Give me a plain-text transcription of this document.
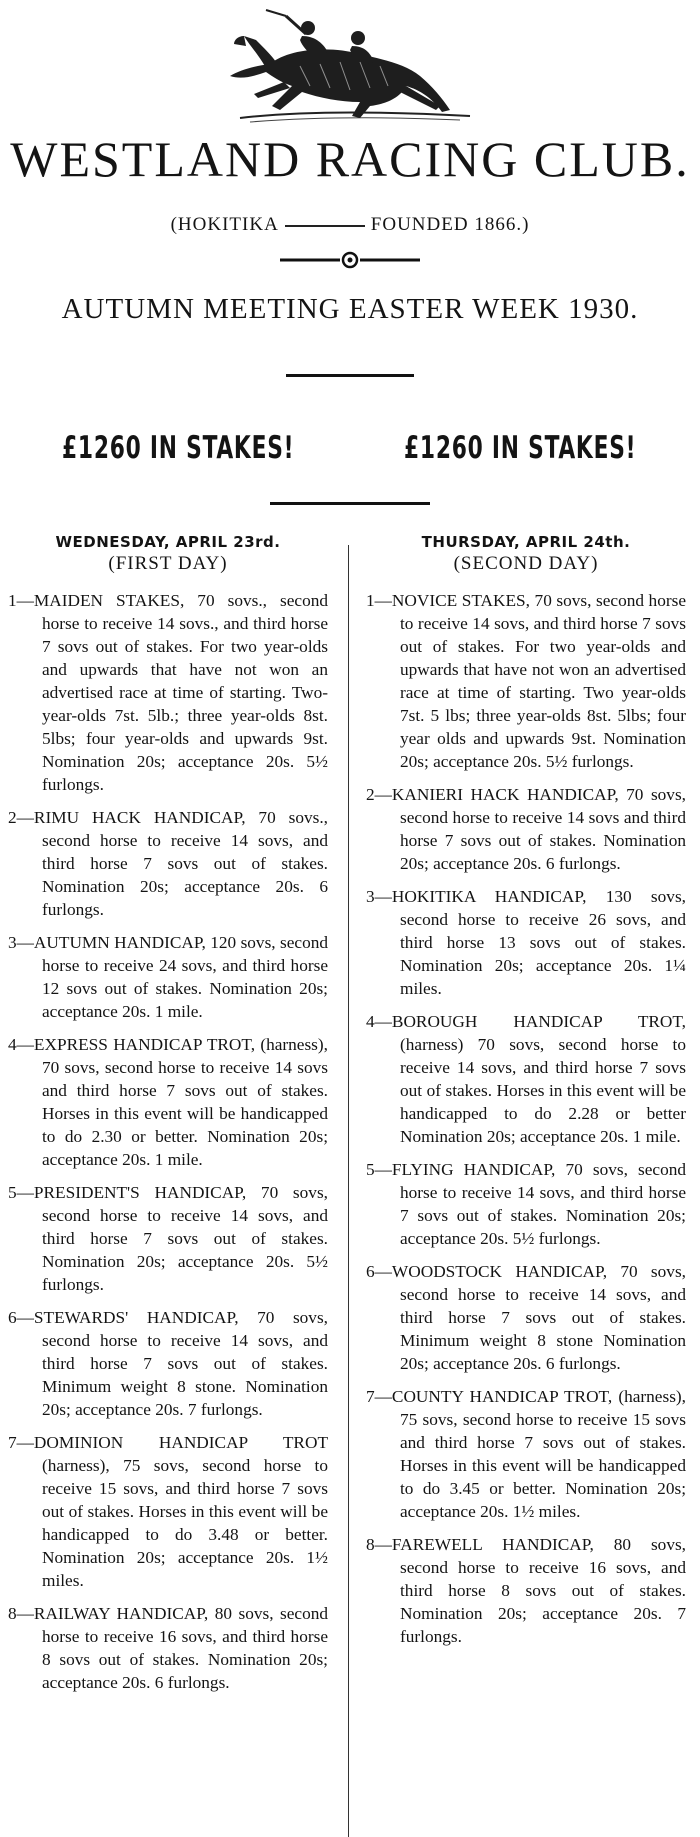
WESTLAND RACING CLUB.
(HOKITIKA	FOUNDED 1866.)
AUTUMN MEETING EASTER WEEK 1930.
£1260 IN STAKES!	£1260 IN STAKES!
WEDNESDAY, APRIL 23rd.
(FIRST DAY)

1—MAIDEN STAKES, 70 sovs., second horse to receive 14 sovs., and third horse 7 sovs out of stakes. For two year-olds and upwards that have not won an advertised race at time of starting. Two-year-olds 7st. 5lb.; three year-olds 8st. 5lbs; four year-olds and upwards 9st. Nomination 20s; acceptance 20s. 5½ furlongs.

2—RIMU HACK HANDICAP, 70 sovs., second horse to receive 14 sovs, and third horse 7 sovs out of stakes. Nomination 20s; acceptance 20s. 6 furlongs.

3—AUTUMN HANDICAP, 120 sovs, second horse to receive 24 sovs, and third horse 12 sovs out of stakes. Nomination 20s; acceptance 20s. 1 mile.

4—EXPRESS HANDICAP TROT, (harness), 70 sovs, second horse to receive 14 sovs and third horse 7 sovs out of stakes. Horses in this event will be handicapped to do 2.30 or better. Nomination 20s; acceptance 20s. 1 mile.

5—PRESIDENT'S HANDICAP, 70 sovs, second horse to receive 14 sovs, and third horse 7 sovs out of stakes. Nomination 20s; acceptance 20s. 5½ furlongs.

6—STEWARDS' HANDICAP, 70 sovs, second horse to receive 14 sovs, and third horse 7 sovs out of stakes. Minimum weight 8 stone. Nomination 20s; acceptance 20s. 7 furlongs.

7—DOMINION HANDICAP TROT (harness), 75 sovs, second horse to receive 15 sovs, and third horse 7 sovs out of stakes. Horses in this event will be handicapped to do 3.48 or better. Nomination 20s; acceptance 20s. 1½ miles.

8—RAILWAY HANDICAP, 80 sovs, second horse to receive 16 sovs, and third horse 8 sovs out of stakes. Nomination 20s; acceptance 20s. 6 furlongs.

THURSDAY, APRIL 24th.
(SECOND DAY)

1—NOVICE STAKES, 70 sovs, second horse to receive 14 sovs, and third horse 7 sovs out of stakes. For two year-olds and upwards that have not won an advertised race at time of starting. Two year-olds 7st. 5 lbs; three year-olds 8st. 5lbs; four year olds and upwards 9st. Nomination 20s; acceptance 20s. 5½ furlongs.

2—KANIERI HACK HANDICAP, 70 sovs, second horse to receive 14 sovs and third horse 7 sovs out of stakes. Nomination 20s; acceptance 20s. 6 furlongs.

3—HOKITIKA HANDICAP, 130 sovs, second horse to receive 26 sovs, and third horse 13 sovs out of stakes. Nomination 20s; acceptance 20s. 1¼ miles.

4—BOROUGH HANDICAP TROT, (harness) 70 sovs, second horse to receive 14 sovs, and third horse 7 sovs out of stakes. Horses in this event will be handicapped to do 2.28 or better Nomination 20s; acceptance 20s. 1 mile.

5—FLYING HANDICAP, 70 sovs, second horse to receive 14 sovs, and third horse 7 sovs out of stakes. Nomination 20s; acceptance 20s. 5½ furlongs.

6—WOODSTOCK HANDICAP, 70 sovs, second horse to receive 14 sovs, and third horse 7 sovs out of stakes. Minimum weight 8 stone Nomination 20s; acceptance 20s. 6 furlongs.

7—COUNTY HANDICAP TROT, (harness), 75 sovs, second horse to receive 15 sovs and third horse 7 sovs out of stakes. Horses in this event will be handicapped to do 3.45 or better. Nomination 20s; acceptance 20s. 1½ miles.

8—FAREWELL HANDICAP, 80 sovs, second horse to receive 16 sovs, and third horse 8 sovs out of stakes. Nomination 20s; acceptance 20s. 7 furlongs.
